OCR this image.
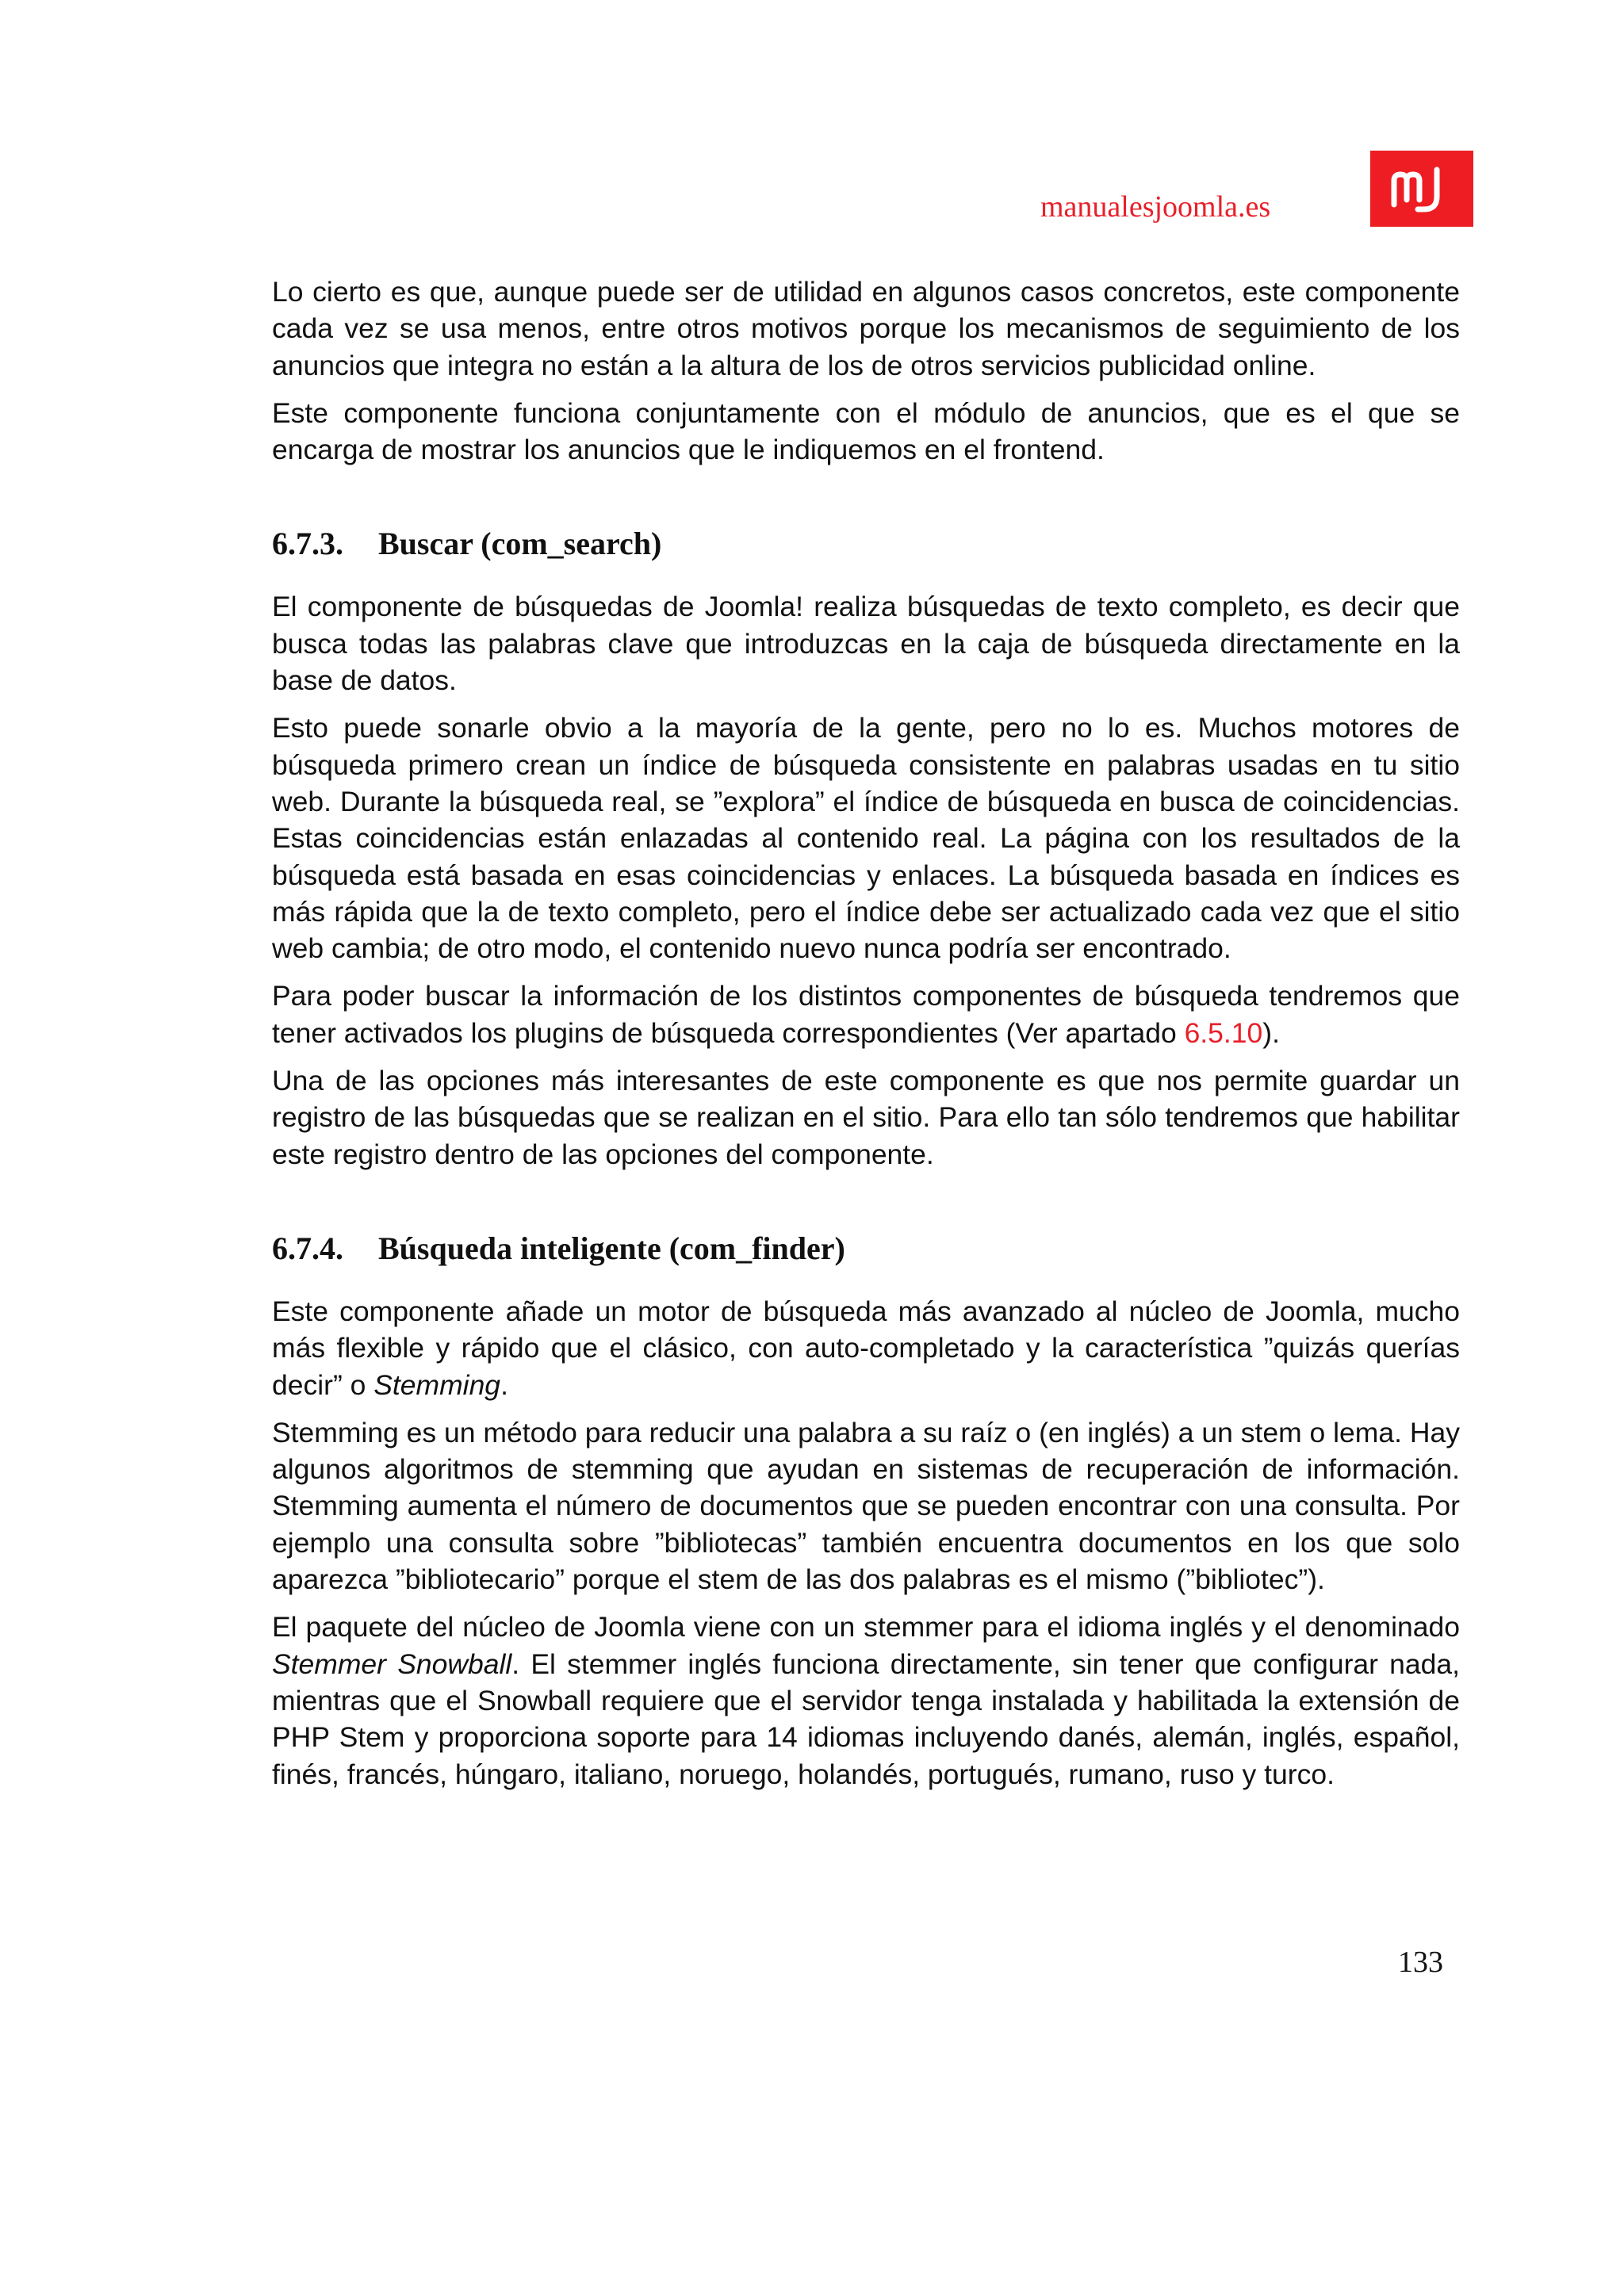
manualesjoomla.es

Lo cierto es que, aunque puede ser de utilidad en algunos casos concretos, este componente cada vez se usa menos, entre otros motivos porque los mecanismos de seguimiento de los anuncios que integra no están a la altura de los de otros servicios publicidad online.

Este componente funciona conjuntamente con el módulo de anuncios, que es el que se encarga de mostrar los anuncios que le indiquemos en el frontend.

6.7.3. Buscar (com_search)

El componente de búsquedas de Joomla! realiza búsquedas de texto completo, es decir que busca todas las palabras clave que introduzcas en la caja de búsqueda directamente en la base de datos.

Esto puede sonarle obvio a la mayoría de la gente, pero no lo es. Muchos motores de búsqueda primero crean un índice de búsqueda consistente en palabras usadas en tu sitio web. Durante la búsqueda real, se ”explora” el índice de búsqueda en busca de coincidencias. Estas coincidencias están enlazadas al contenido real. La página con los resultados de la búsqueda está basada en esas coincidencias y enlaces. La búsqueda basada en índices es más rápida que la de texto completo, pero el índice debe ser actualizado cada vez que el sitio web cambia; de otro modo, el contenido nuevo nunca podría ser encontrado.

Para poder buscar la información de los distintos componentes de búsqueda tendremos que tener activados los plugins de búsqueda correspondientes (Ver apartado 6.5.10).

Una de las opciones más interesantes de este componente es que nos permite guardar un registro de las búsquedas que se realizan en el sitio. Para ello tan sólo tendremos que habilitar este registro dentro de las opciones del componente.

6.7.4. Búsqueda inteligente (com_finder)

Este componente añade un motor de búsqueda más avanzado al núcleo de Joomla, mucho más flexible y rápido que el clásico, con auto-completado y la característica ”quizás querías decir” o Stemming.

Stemming es un método para reducir una palabra a su raíz o (en inglés) a un stem o lema. Hay algunos algoritmos de stemming que ayudan en sistemas de recuperación de información. Stemming aumenta el número de documentos que se pueden encontrar con una consulta. Por ejemplo una consulta sobre ”bibliotecas” también encuentra documentos en los que solo aparezca ”bibliotecario” porque el stem de las dos palabras es el mismo (”bibliotec”).

El paquete del núcleo de Joomla viene con un stemmer para el idioma inglés y el denominado Stemmer Snowball. El stemmer inglés funciona directamente, sin tener que configurar nada, mientras que el Snowball requiere que el servidor tenga instalada y habilitada la extensión de PHP Stem y proporciona soporte para 14 idiomas incluyendo danés, alemán, inglés, español, finés, francés, húngaro, italiano, noruego, holandés, portugués, rumano, ruso y turco.

133
